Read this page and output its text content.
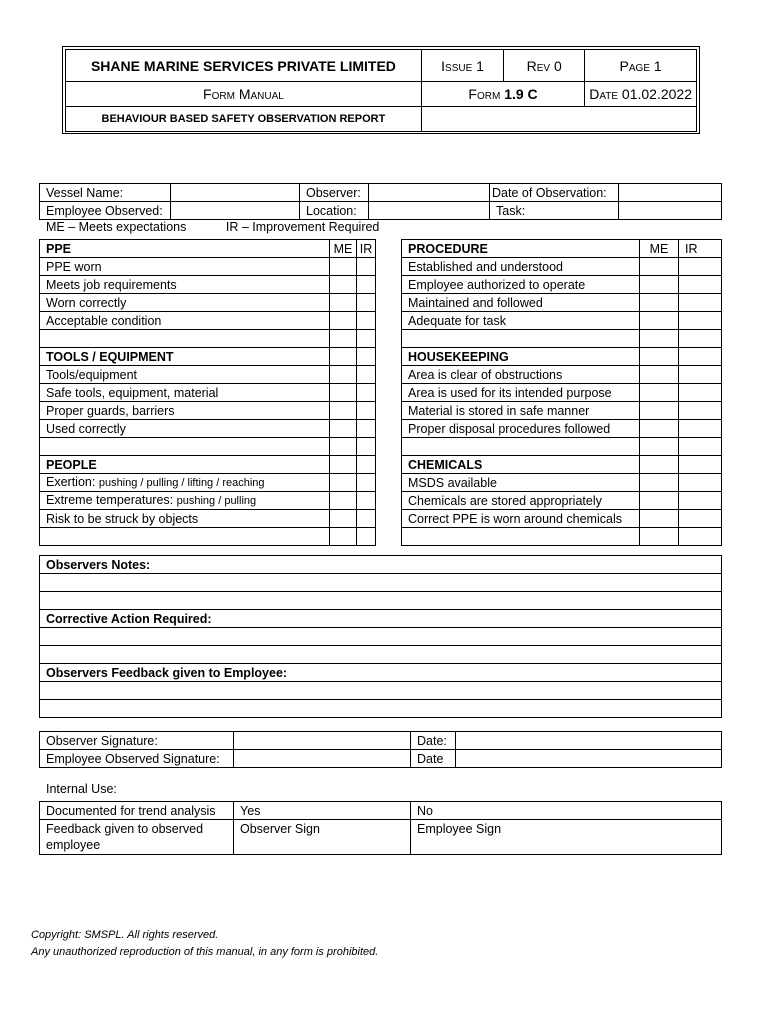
SHANE MARINE SERVICES PRIVATE LIMITED	Issue 1	Rev 0	Page 1
Form Manual	Form 1.9 C		Date 01.02.2022
BEHAVIOUR BASED SAFETY OBSERVATION REPORT			
Vessel Name:		Observer:		Date of Observation:	
Employee Observed:		Location:		Task:	
ME – Meets expectations	IR – Improvement Required
PPE	ME	IR
PPE worn		
Meets job requirements		
Worn correctly		
Acceptable condition		

TOOLS / EQUIPMENT		
Tools/equipment		
Safe tools, equipment, material		
Proper guards, barriers		
Used correctly		

PEOPLE		
Exertion: pushing / pulling / lifting / reaching		
Extreme temperatures: pushing / pulling		
Risk to be struck by objects		

PROCEDURE	ME	IR
Established and understood		
Employee authorized to operate		
Maintained and followed		
Adequate for task		

HOUSEKEEPING		
Area is clear of obstructions		
Area is used for its intended purpose		
Material is stored in safe manner		
Proper disposal procedures followed		

CHEMICALS		
MSDS available		
Chemicals are stored appropriately		
Correct PPE is worn around chemicals		

Observers Notes:

Corrective Action Required:

Observers Feedback given to Employee:

Observer Signature:		Date:	
Employee Observed Signature:		Date	
Internal Use:
Documented for trend analysis	Yes	No

Feedback given to observed
employee	Observer Sign	Employee Sign
Copyright: SMSPL. All rights reserved.
Any unauthorized reproduction of this manual, in any form is prohibited.
